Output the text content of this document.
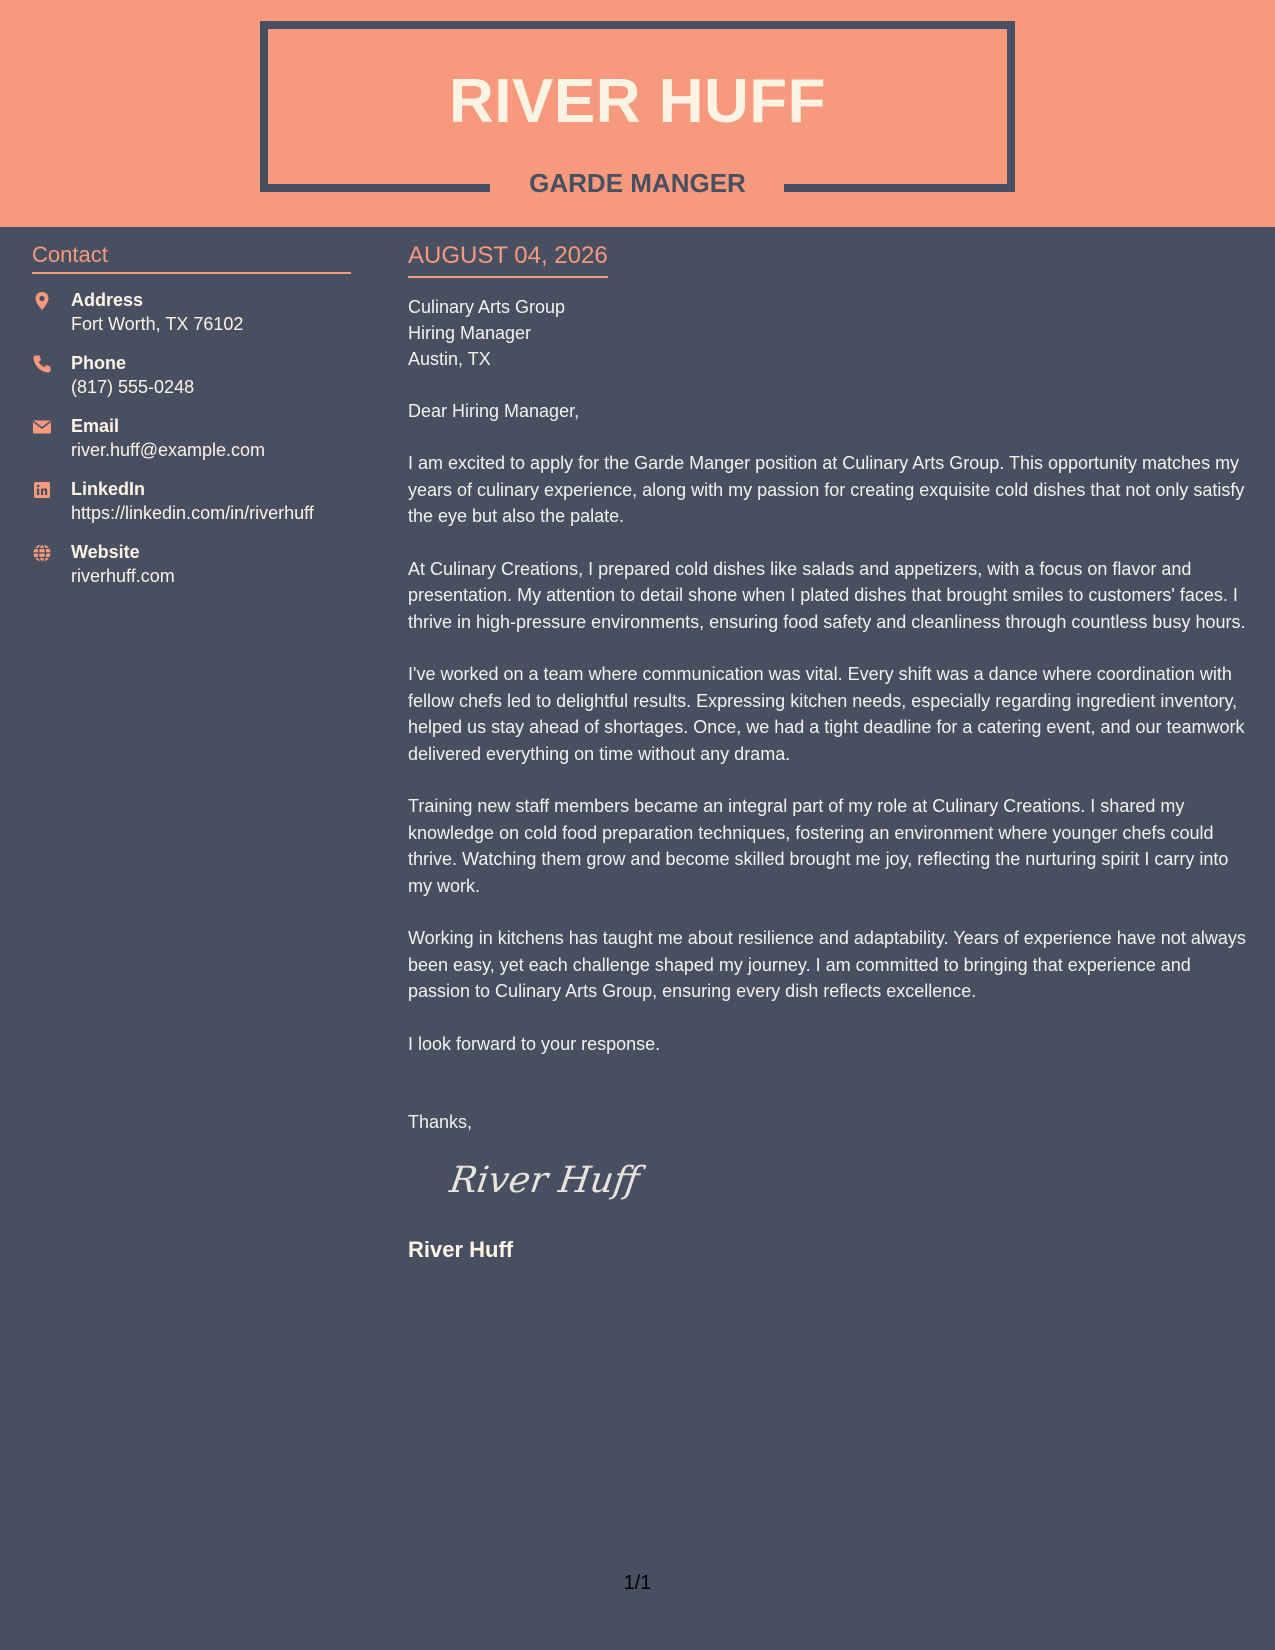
RIVER HUFF
GARDE MANGER
Contact
Address
Fort Worth, TX 76102
Phone
(817) 555-0248
Email
river.huff@example.com
LinkedIn
https://linkedin.com/in/riverhuff
Website
riverhuff.com
AUGUST 04, 2026
Culinary Arts Group
Hiring Manager
Austin, TX
Dear Hiring Manager,
I am excited to apply for the Garde Manger position at Culinary Arts Group. This opportunity matches my years of culinary experience, along with my passion for creating exquisite cold dishes that not only satisfy the eye but also the palate.
At Culinary Creations, I prepared cold dishes like salads and appetizers, with a focus on flavor and presentation. My attention to detail shone when I plated dishes that brought smiles to customers' faces. I thrive in high-pressure environments, ensuring food safety and cleanliness through countless busy hours.
I've worked on a team where communication was vital. Every shift was a dance where coordination with fellow chefs led to delightful results. Expressing kitchen needs, especially regarding ingredient inventory, helped us stay ahead of shortages. Once, we had a tight deadline for a catering event, and our teamwork delivered everything on time without any drama.
Training new staff members became an integral part of my role at Culinary Creations. I shared my knowledge on cold food preparation techniques, fostering an environment where younger chefs could thrive. Watching them grow and become skilled brought me joy, reflecting the nurturing spirit I carry into my work.
Working in kitchens has taught me about resilience and adaptability. Years of experience have not always been easy, yet each challenge shaped my journey. I am committed to bringing that experience and passion to Culinary Arts Group, ensuring every dish reflects excellence.
I look forward to your response.
Thanks,
River Huff
River Huff
1/1
